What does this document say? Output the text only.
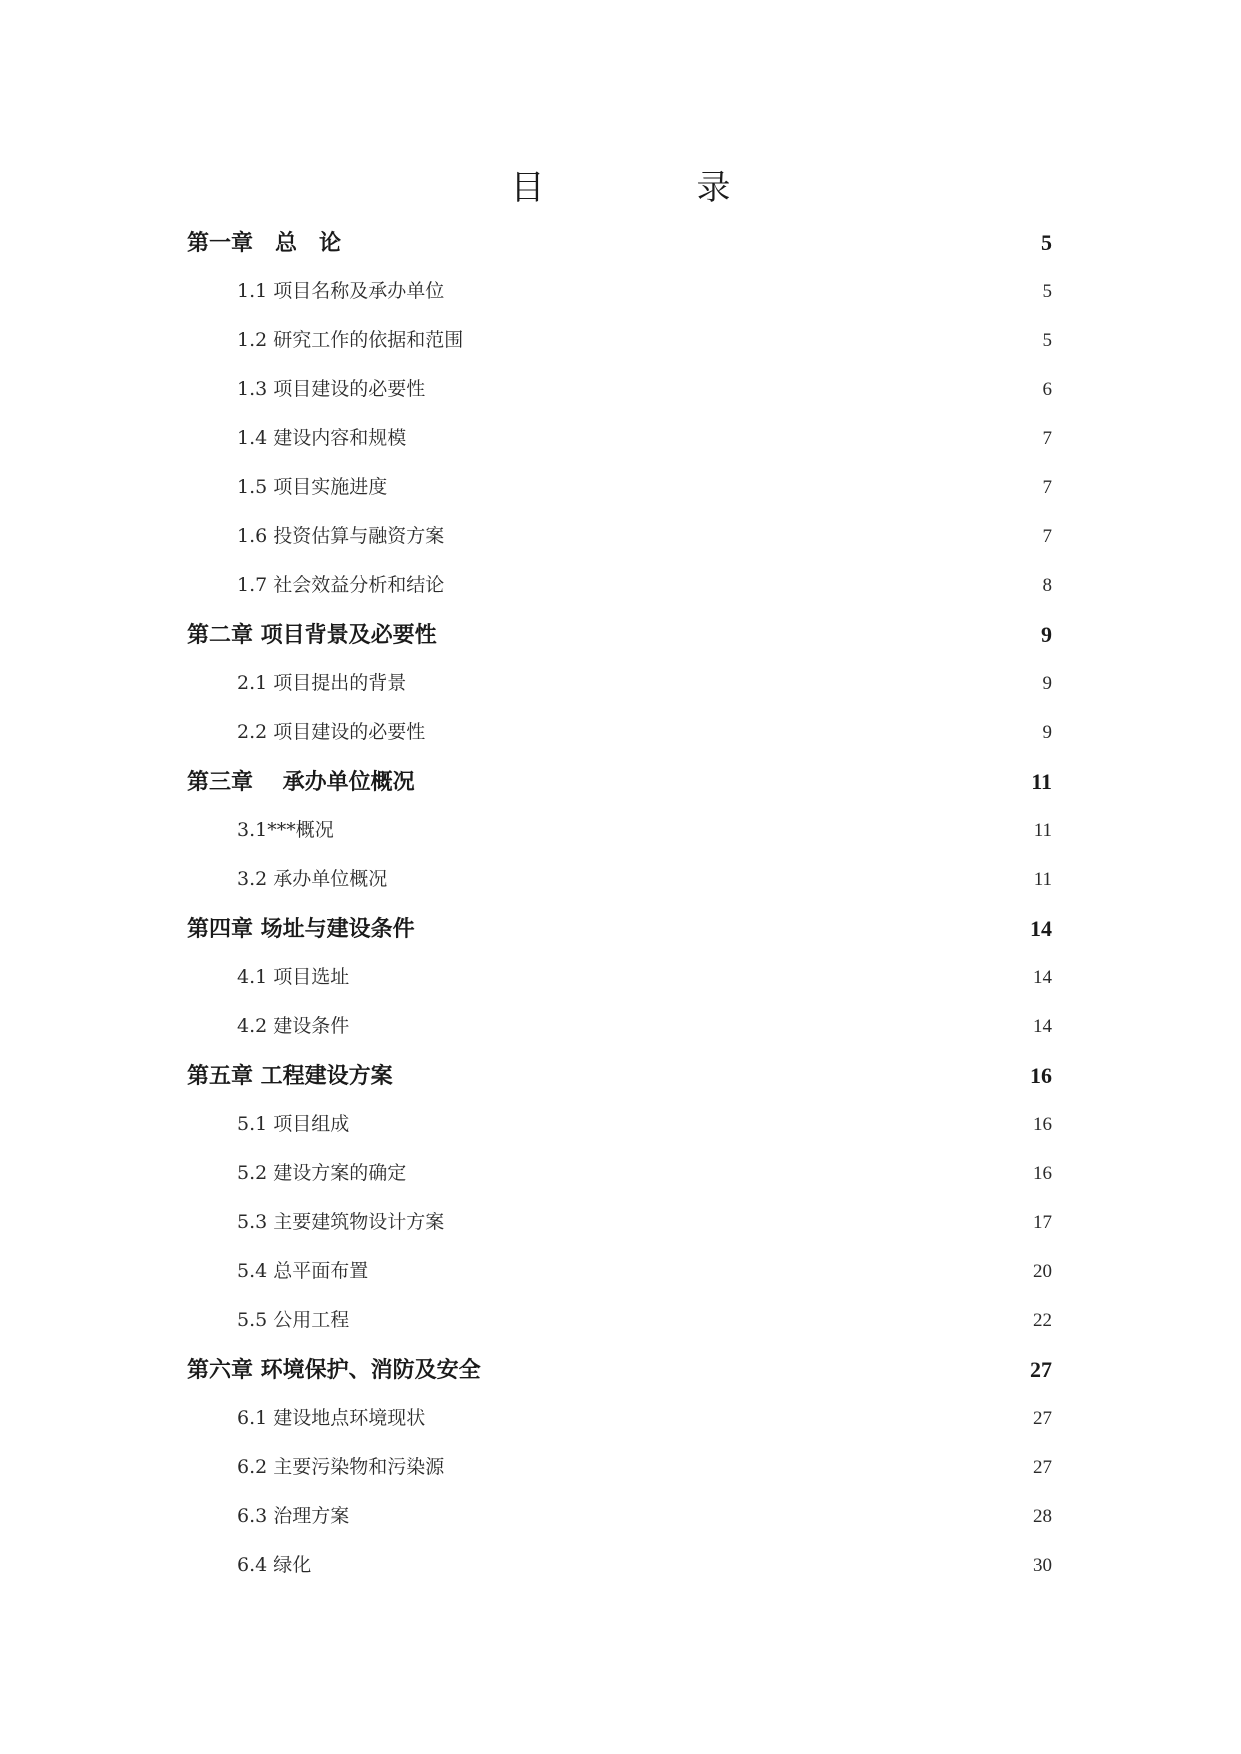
目　　录
第一章　总　论 .....	5
1.1 项目名称及承办单位 .....	5
1.2 研究工作的依据和范围 .....	5
1.3 项目建设的必要性 .....	6
1.4 建设内容和规模 .....	7
1.5 项目实施进度 .....	7
1.6 投资估算与融资方案 .....	7
1.7 社会效益分析和结论 .....	8
第二章 项目背景及必要性 .....	9
2.1 项目提出的背景 .....	9
2.2 项目建设的必要性 .....	9
第三章　 承办单位概况 .....	11
3.1***概况 .....	11
3.2 承办单位概况 .....	11
第四章 场址与建设条件 .....	14
4.1 项目选址 .....	14
4.2 建设条件 .....	14
第五章 工程建设方案 .....	16
5.1 项目组成 .....	16
5.2 建设方案的确定 .....	16
5.3 主要建筑物设计方案 .....	17
5.4 总平面布置 .....	20
5.5 公用工程 .....	22
第六章 环境保护、消防及安全 .....	27
6.1 建设地点环境现状 .....	27
6.2 主要污染物和污染源 .....	27
6.3 治理方案 .....	28
6.4 绿化 .....	30
